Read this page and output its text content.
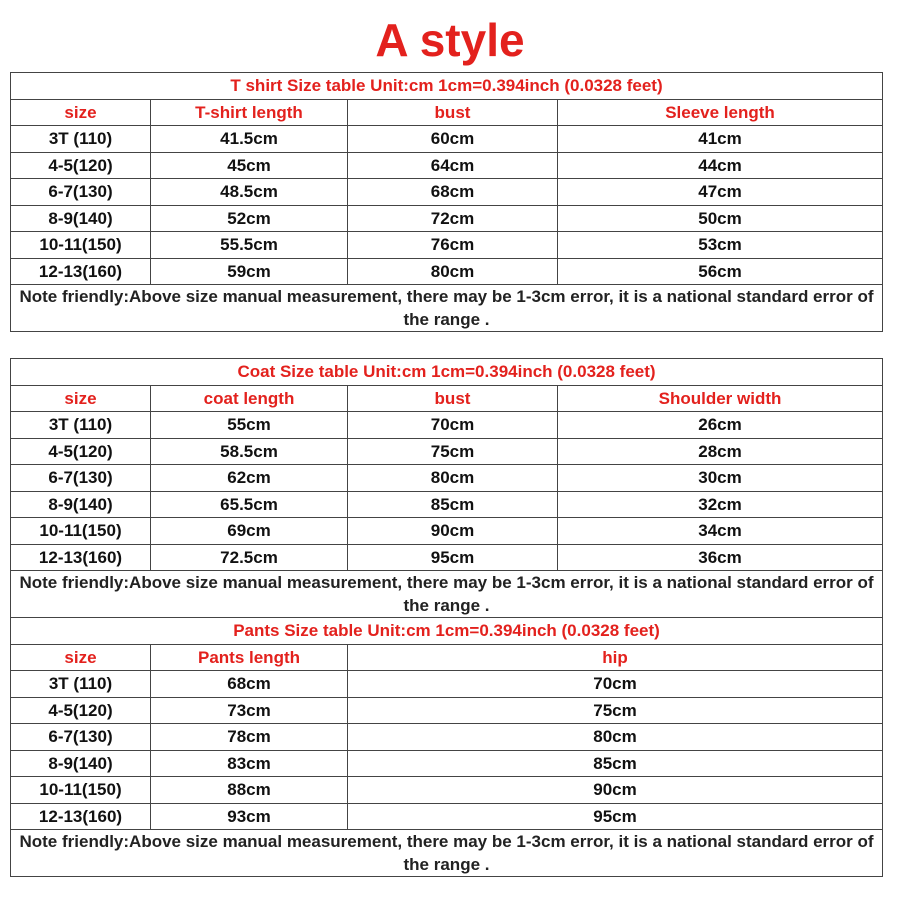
A style
T shirt Size table Unit:cm 1cm=0.394inch (0.0328 feet)			
size	T-shirt length	bust	Sleeve length
3T (110)	41.5cm	60cm	41cm
4-5(120)	45cm	64cm	44cm
6-7(130)	48.5cm	68cm	47cm
8-9(140)	52cm	72cm	50cm
10-11(150)	55.5cm	76cm	53cm
12-13(160)	59cm	80cm	56cm
Note friendly:Above size manual measurement, there may be 1-3cm error, it is a national standard error of the range .			
Coat Size table Unit:cm 1cm=0.394inch (0.0328 feet)			
size	coat length	bust	Shoulder width
3T (110)	55cm	70cm	26cm
4-5(120)	58.5cm	75cm	28cm
6-7(130)	62cm	80cm	30cm
8-9(140)	65.5cm	85cm	32cm
10-11(150)	69cm	90cm	34cm
12-13(160)	72.5cm	95cm	36cm
Note friendly:Above size manual measurement, there may be 1-3cm error, it is a national standard error of the range .			
Pants Size table Unit:cm 1cm=0.394inch (0.0328 feet)			
size	Pants length	hip	
3T (110)	68cm	70cm	
4-5(120)	73cm	75cm	
6-7(130)	78cm	80cm	
8-9(140)	83cm	85cm	
10-11(150)	88cm	90cm	
12-13(160)	93cm	95cm	
Note friendly:Above size manual measurement, there may be 1-3cm error, it is a national standard error of the range .			
